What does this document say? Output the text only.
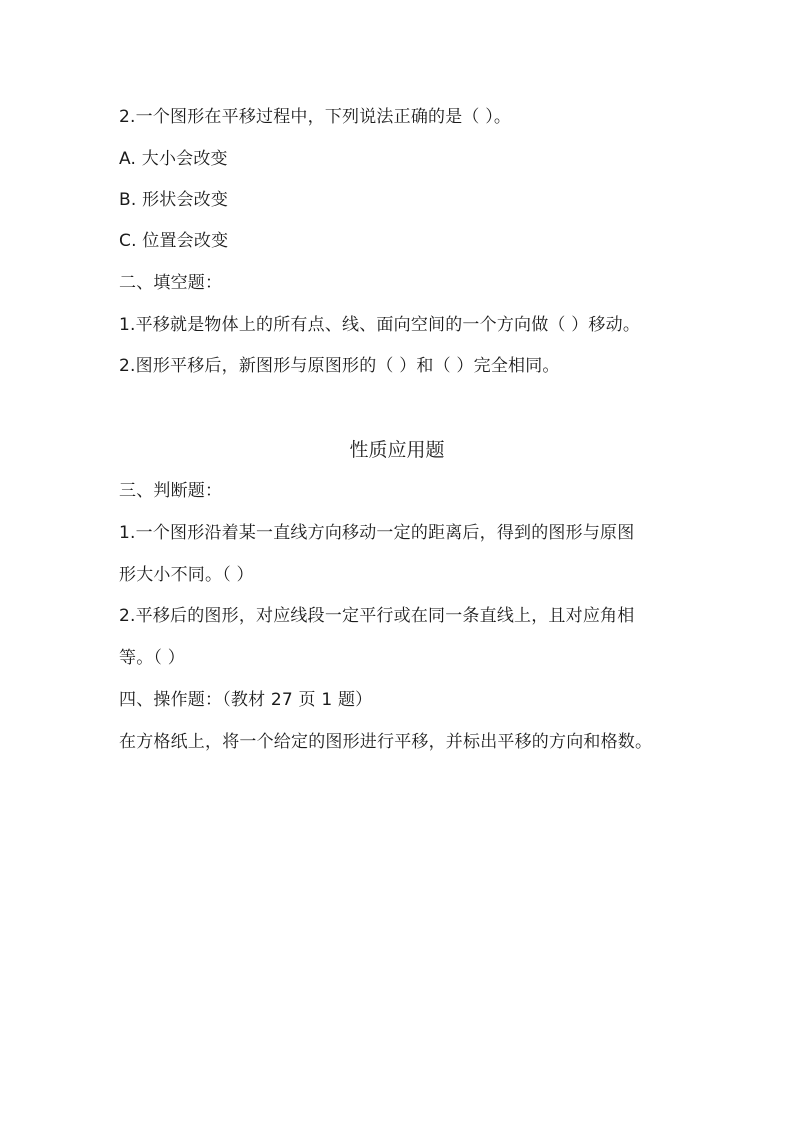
2.一个图形在平移过程中，下列说法正确的是（ ）。
A. 大小会改变
B. 形状会改变
C. 位置会改变
二、填空题：
1.平移就是物体上的所有点、线、面向空间的一个方向做（ ）移动。
2.图形平移后，新图形与原图形的（ ）和（ ）完全相同。
性质应用题
三、判断题：
1.一个图形沿着某一直线方向移动一定的距离后，得到的图形与原图
形大小不同。（ ）
2.平移后的图形，对应线段一定平行或在同一条直线上，且对应角相
等。（ ）
四、操作题：（教材 27 页 1 题）
在方格纸上，将一个给定的图形进行平移，并标出平移的方向和格数。
